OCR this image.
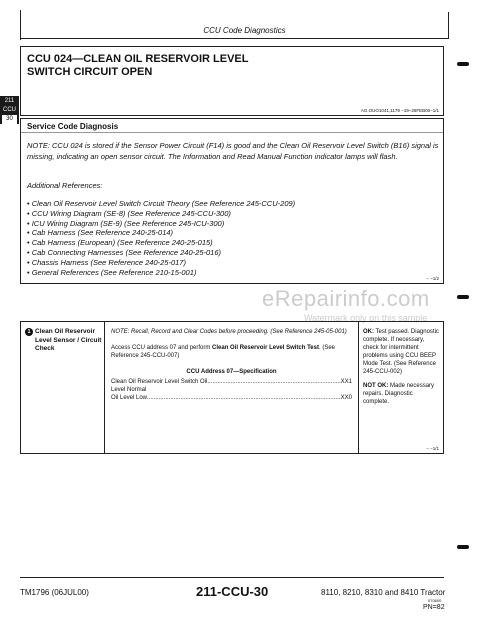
CCU Code Diagnostics
211
CCU
30
CCU 024—CLEAN OIL RESERVOIR LEVEL
SWITCH CIRCUIT OPEN
AG,OUO1041,1179 −19−26FEB00−1/1
Service Code Diagnosis
NOTE: CCU 024 is stored if the Sensor Power Circuit (F14) is good and the Clean Oil Reservoir Level Switch (B16) signal is missing, indicating an open sensor circuit. The Information and Read Manual Function indicator lamps will flash.
Additional References:
• Clean Oil Reservoir Level Switch Circuit Theory (See Reference 245-CCU-209)
• CCU Wiring Diagram (SE-8) (See Reference 245-CCU-300)
• ICU Wiring Diagram (SE-9) (See Reference 245-ICU-300)
• Cab Harness (See Reference 240-25-014)
• Cab Harness (European) (See Reference 240-25-015)
• Cab Connecting Harnesses (See Reference 240-25-016)
• Chassis Harness (See Reference 240-25-017)
• General References (See Reference 210-15-001)
− −1/2
eRepairinfo.com
Watermark only on this sample
1 Clean Oil Reservoir Level Sensor / Circuit Check

NOTE: Recall, Record and Clear Codes before proceeding. (See Reference 245-05-001)

Access CCU address 07 and perform Clean Oil Reservoir Level Switch Test. (See Reference 245-CCU-007)

CCU Address 07—Specification
Clean Oil Reservoir Level Switch Oil .....	XX1
Level Normal
Oil Level Low .....	XX0

OK: Test passed. Diagnostic complete. If necessary, check for intermittent problems using CCU BEEP Mode Test. (See Reference 245-CCU-002)

NOT OK: Made necessary repairs. Diagnostic complete.

− −1/1
TM1796 (06JUL00)	211-CCU-30	8110, 8210, 8310 and 8410 Tractor
070600
PN=82
